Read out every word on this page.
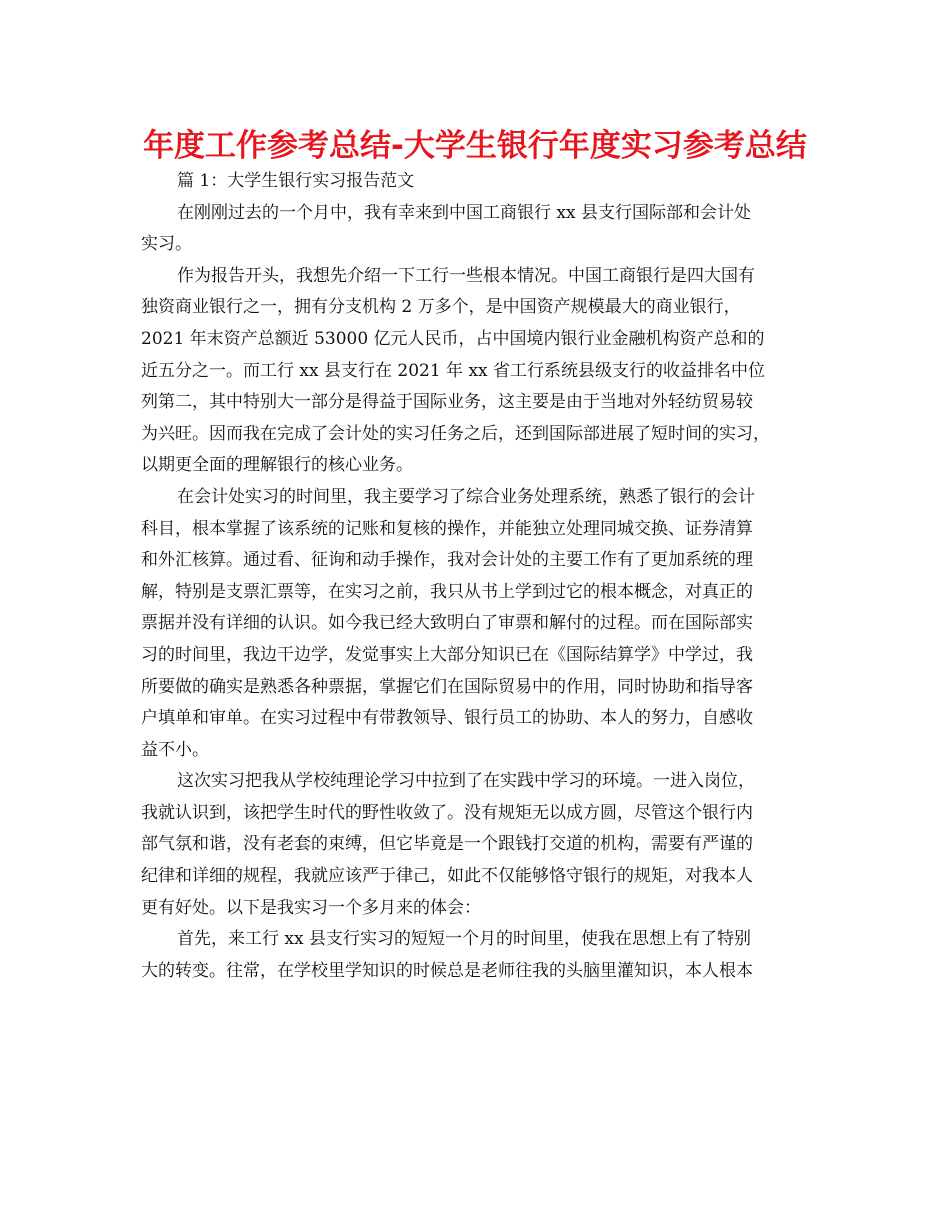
年度工作参考总结-大学生银行年度实习参考总结
篇 1：大学生银行实习报告范文
在刚刚过去的一个月中，我有幸来到中国工商银行 xx 县支行国际部和会计处
实习。
作为报告开头，我想先介绍一下工行一些根本情况。中国工商银行是四大国有
独资商业银行之一，拥有分支机构 2 万多个，是中国资产规模最大的商业银行，
2021 年末资产总额近 53000 亿元人民币，占中国境内银行业金融机构资产总和的
近五分之一。而工行 xx 县支行在 2021 年 xx 省工行系统县级支行的收益排名中位
列第二，其中特别大一部分是得益于国际业务，这主要是由于当地对外轻纺贸易较
为兴旺。因而我在完成了会计处的实习任务之后，还到国际部进展了短时间的实习，
以期更全面的理解银行的核心业务。
在会计处实习的时间里，我主要学习了综合业务处理系统，熟悉了银行的会计
科目，根本掌握了该系统的记账和复核的操作，并能独立处理同城交换、证券清算
和外汇核算。通过看、征询和动手操作，我对会计处的主要工作有了更加系统的理
解，特别是支票汇票等，在实习之前，我只从书上学到过它的根本概念，对真正的
票据并没有详细的认识。如今我已经大致明白了审票和解付的过程。而在国际部实
习的时间里，我边干边学，发觉事实上大部分知识已在《国际结算学》中学过，我
所要做的确实是熟悉各种票据，掌握它们在国际贸易中的作用，同时协助和指导客
户填单和审单。在实习过程中有带教领导、银行员工的协助、本人的努力，自感收
益不小。
这次实习把我从学校纯理论学习中拉到了在实践中学习的环境。一进入岗位，
我就认识到，该把学生时代的野性收敛了。没有规矩无以成方圆，尽管这个银行内
部气氛和谐，没有老套的束缚，但它毕竟是一个跟钱打交道的机构，需要有严谨的
纪律和详细的规程，我就应该严于律己，如此不仅能够恪守银行的规矩，对我本人
更有好处。以下是我实习一个多月来的体会：
首先，来工行 xx 县支行实习的短短一个月的时间里，使我在思想上有了特别
大的转变。往常，在学校里学知识的时候总是老师往我的头脑里灌知识，本人根本
